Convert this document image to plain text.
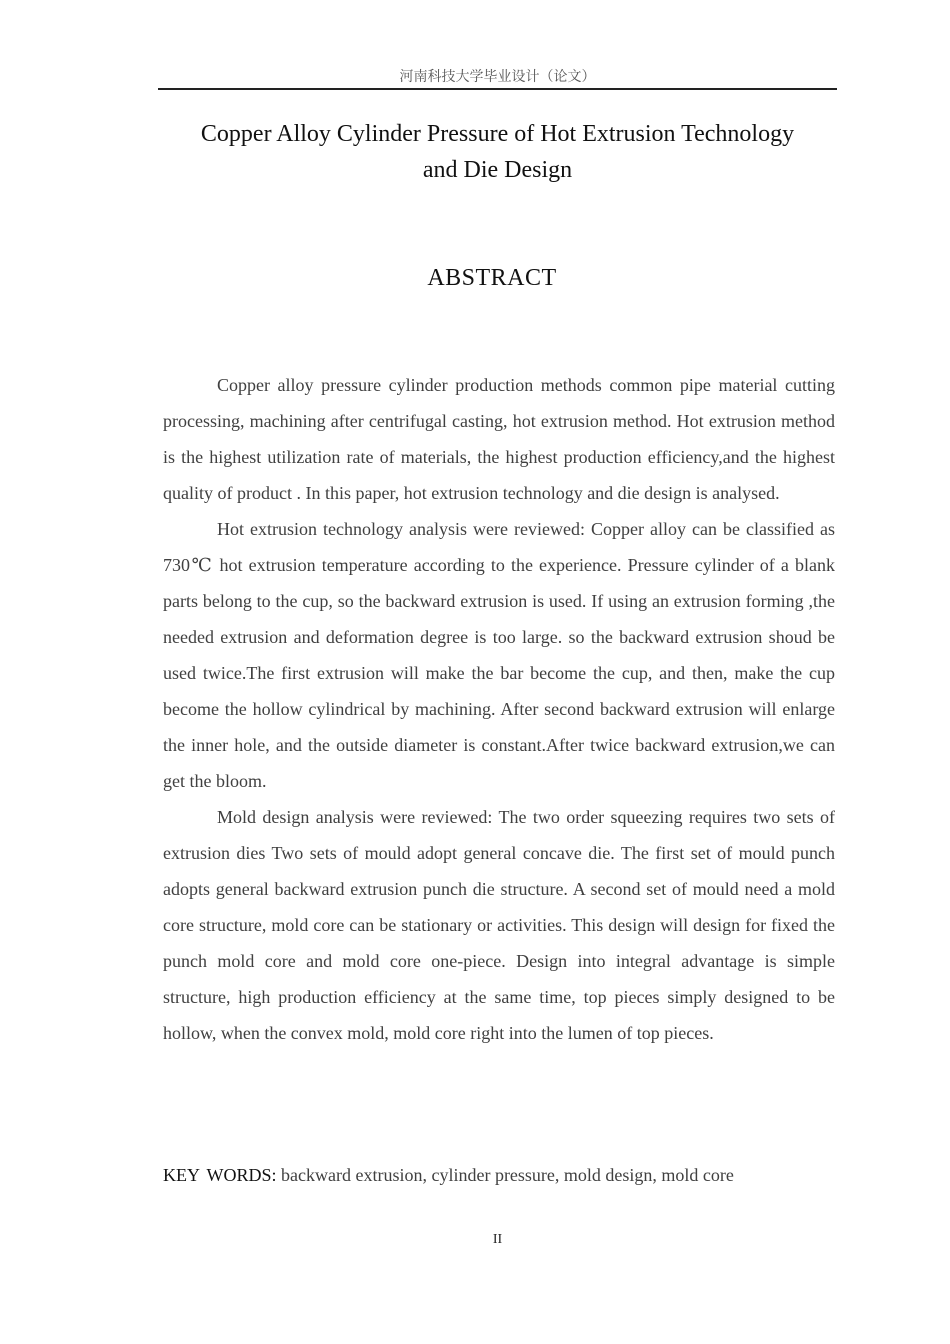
河南科技大学毕业设计（论文）
Copper Alloy Cylinder Pressure of Hot Extrusion Technology
and Die Design
ABSTRACT

Copper alloy pressure cylinder production methods common pipe material cutting processing, machining after centrifugal casting, hot extrusion method. Hot extrusion method is the highest utilization rate of materials, the highest production efficiency,and the highest quality of product . In this paper, hot extrusion technology and die design is analysed.

Hot extrusion technology analysis were reviewed: Copper alloy can be classified as 730℃ hot extrusion temperature according to the experience. Pressure cylinder of a blank parts belong to the cup, so the backward extrusion is used. If using an extrusion forming ,the needed extrusion and deformation degree is too large. so the backward extrusion shoud be used twice.The first extrusion will make the bar become the cup, and then, make the cup become the hollow cylindrical by machining. After second backward extrusion will enlarge the inner hole, and the outside diameter is constant.After twice backward extrusion,we can get the bloom.

Mold design analysis were reviewed: The two order squeezing requires two sets of extrusion dies Two sets of mould adopt general concave die. The first set of mould punch adopts general backward extrusion punch die structure. A second set of mould need a mold core structure, mold core can be stationary or activities. This design will design for fixed the punch mold core and mold core one-piece. Design into integral advantage is simple structure, high production efficiency at the same time, top pieces simply designed to be hollow, when the convex mold, mold core right into the lumen of top pieces.

KEY WORDS: backward extrusion, cylinder pressure, mold design, mold core
II
